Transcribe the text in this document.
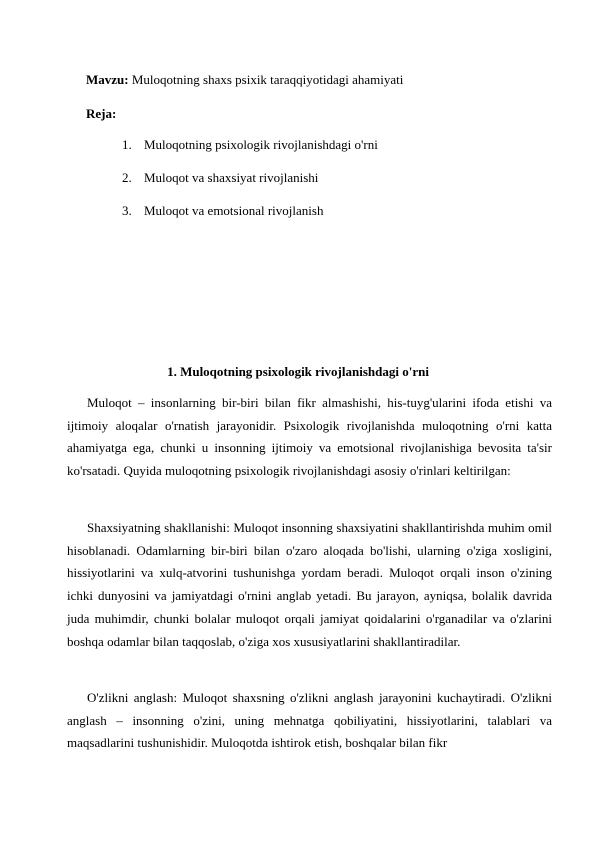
Mavzu: Muloqotning shaxs psixik taraqqiyotidagi ahamiyati
Reja:
1. Muloqotning psixologik rivojlanishdagi o'rni
2. Muloqot va shaxsiyat rivojlanishi
3. Muloqot va emotsional rivojlanish
1. Muloqotning psixologik rivojlanishdagi o'rni

Muloqot – insonlarning bir-biri bilan fikr almashishi, his-tuyg'ularini ifoda etishi va ijtimoiy aloqalar o'rnatish jarayonidir. Psixologik rivojlanishda muloqotning o'rni katta ahamiyatga ega, chunki u insonning ijtimoiy va emotsional rivojlanishiga bevosita ta'sir ko'rsatadi. Quyida muloqotning psixologik rivojlanishdagi asosiy o'rinlari keltirilgan:

Shaxsiyatning shakllanishi: Muloqot insonning shaxsiyatini shakllantirishda muhim omil hisoblanadi. Odamlarning bir-biri bilan o'zaro aloqada bo'lishi, ularning o'ziga xosligini, hissiyotlarini va xulq-atvorini tushunishga yordam beradi. Muloqot orqali inson o'zining ichki dunyosini va jamiyatdagi o'rnini anglab yetadi. Bu jarayon, ayniqsa, bolalik davrida juda muhimdir, chunki bolalar muloqot orqali jamiyat qoidalarini o'rganadilar va o'zlarini boshqa odamlar bilan taqqoslab, o'ziga xos xususiyatlarini shakllantiradilar.

O'zlikni anglash: Muloqot shaxsning o'zlikni anglash jarayonini kuchaytiradi. O'zlikni anglash – insonning o'zini, uning mehnatga qobiliyatini, hissiyotlarini, talablari va maqsadlarini tushunishidir. Muloqotda ishtirok etish, boshqalar bilan fikr
